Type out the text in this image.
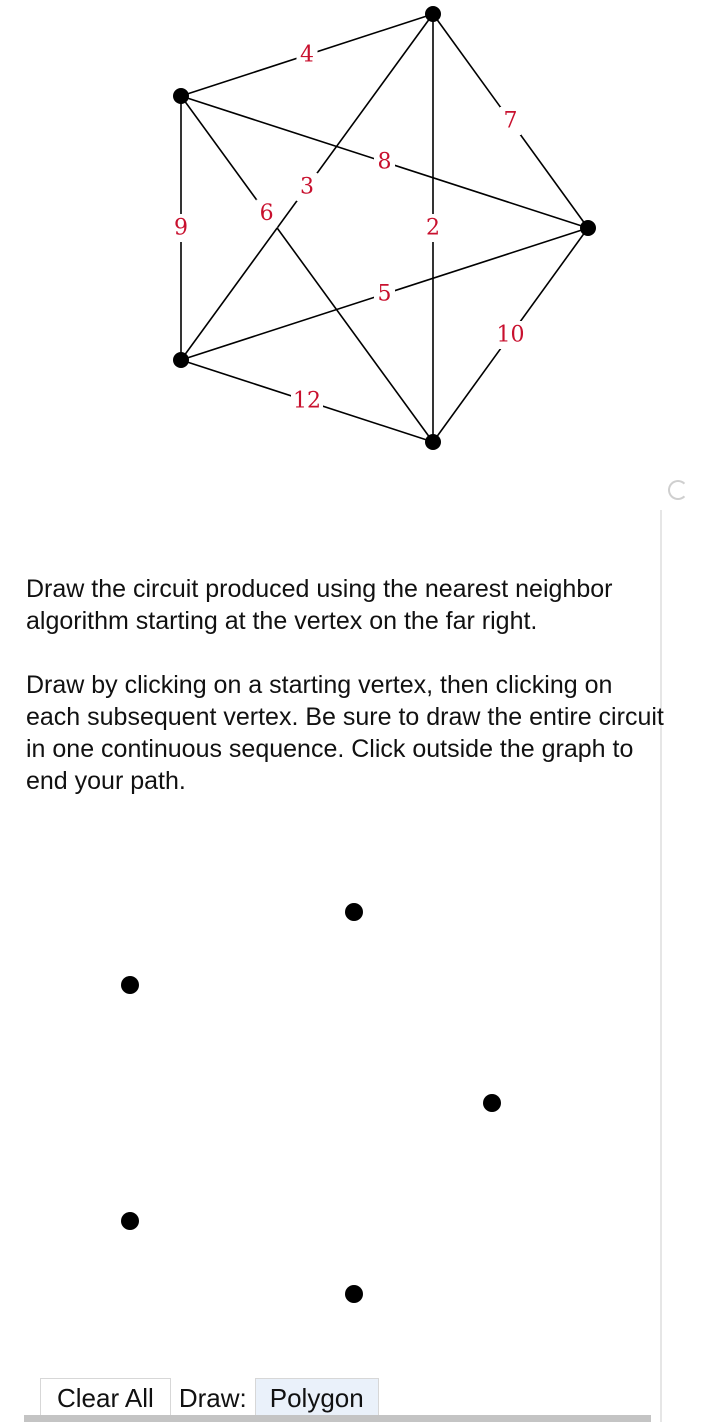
4
7
8
3
9	2
6
5
10
12

Draw the circuit produced using the nearest neighbor algorithm starting at the vertex on the far right.

Draw by clicking on a starting vertex, then clicking on each subsequent vertex. Be sure to draw the entire circuit in one continuous sequence. Click outside the graph to end your path.

Clear All Draw: Polygon
